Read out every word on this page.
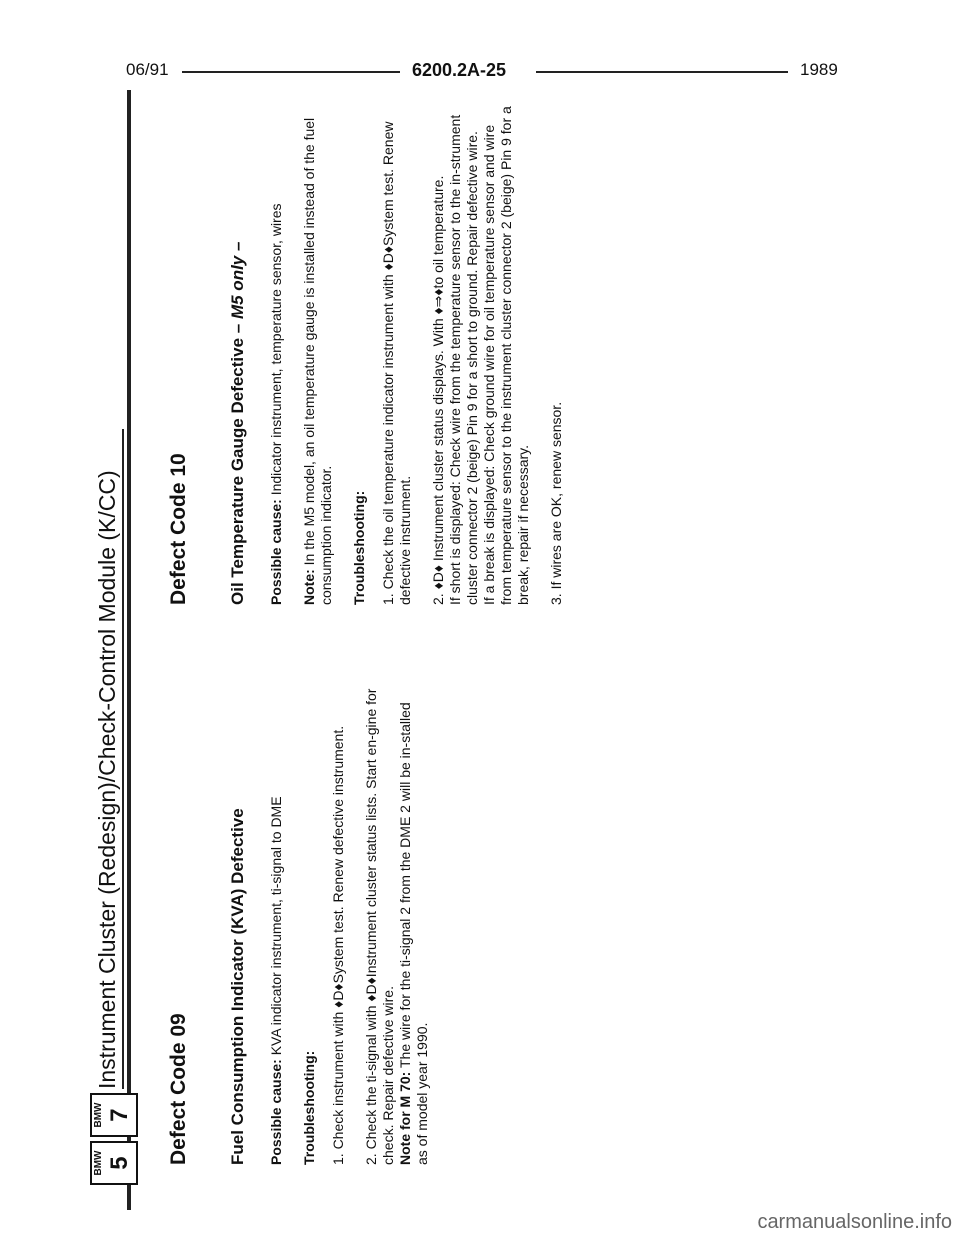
06/91	6200.2A-25	1989
BMW 5
BMW 7
Instrument Cluster (Redesign)/Check-Control Module (K/CC)
Defect Code 09 Fuel Consumption Indicator (KVA) Defective Possible cause: KVA indicator instrument, ti-signal to DME

Troubleshooting: 1. Check instrument with ♦D♦System test. Renew defective instrument. 2. Check the ti-signal with ♦D♦Instrument cluster status lists. Start en-gine for check. Repair defective wire. Note for M 70: The wire for the ti-signal 2 from the DME 2 will be in-stalled as of model year 1990.

Defect Code 10 Oil Temperature Gauge Defective – M5 only –

Possible cause: Indicator instrument, temperature sensor, wires

Note: In the M5 model, an oil temperature gauge is installed instead of the fuel consumption indicator. Troubleshooting: 1. Check the oil temperature indicator instrument with ♦D♦System test. Renew defective instrument. 2. ♦D♦ Instrument cluster status displays. With ♦⇒♦to oil temperature. If short is displayed: Check wire from the temperature sensor to the in-strument cluster connector 2 (beige) Pin 9 for a short to ground. Repair defective wire. If a break is displayed: Check ground wire for oil temperature sensor and wire from temperature sensor to the instrument cluster connector 2 (beige) Pin 9 for a break, repair if necessary. 3. If wires are OK, renew sensor.

carmanualsonline.info
